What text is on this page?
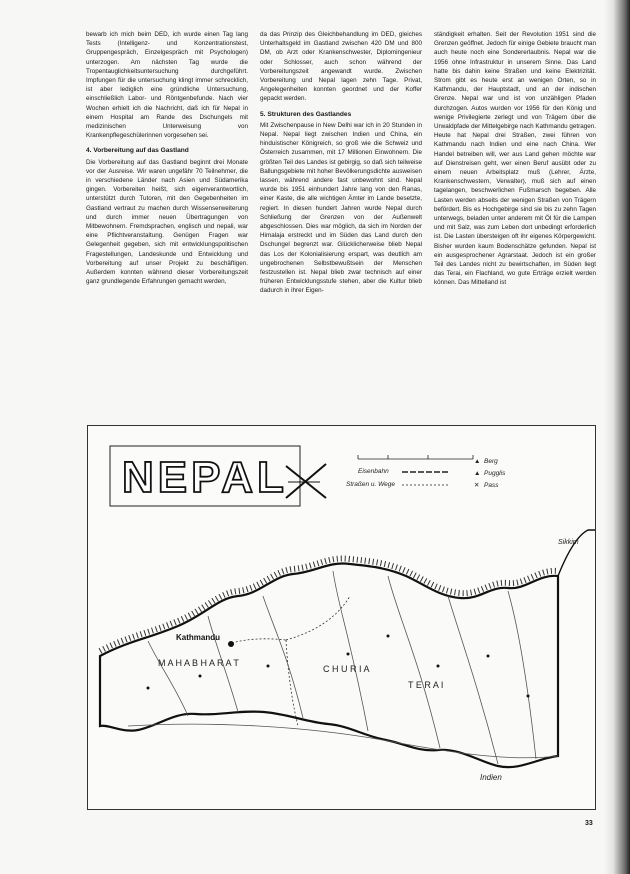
bewarb ich mich beim DED, ich wurde einen Tag lang Tests (Intelligenz- und Konzentrationstest, Gruppengespräch, Einzelgespräch mit Psychologen) unterzogen. Am nächsten Tag wurde die Tropentauglichkeitsuntersuchung durchgeführt. Impfungen für die untersuchung klingt immer schrecklich, ist aber lediglich eine gründliche Untersuchung, einschließlich Labor- und Röntgenbefunde. Nach vier Wochen erhielt ich die Nachricht, daß ich für Nepal in einem Hospital am Rande des Dschungels mit medizinischen Unterweisung von Krankenpflegeschülerinnen vorgesehen sei.

4. Vorbereitung auf das Gastland

Die Vorbereitung auf das Gastland beginnt drei Monate vor der Ausreise. Wir waren ungefähr 70 Teilnehmer, die in verschiedene Länder nach Asien und Südamerika gingen. Vorbereiten heißt, sich eigenverantwortlich, unterstützt durch Tutoren, mit den Gegebenheiten im Gastland vertraut zu machen durch Wissenserweiterung und durch immer neuen Übertragungen von Mitbewohnern. Fremdsprachen, englisch und nepali, war eine Pflichtveranstaltung. Genügen Fragen war Gelegenheit gegeben, sich mit entwicklungspolitischen Fragestellungen, Landeskunde und Entwicklung und Vorbereitung auf unser Projekt zu beschäftigen. Außerdem konnten während dieser Vorbereitungszeit ganz grundlegende Erfahrungen gemacht werden,

da das Prinzip des Gleichbehandlung im DED, gleiches Unterhaltsgeld im Gastland zwischen 420 DM und 800 DM, ob Arzt oder Krankenschwester, Diplomingenieur oder Schlosser, auch schon während der Vorbereitungszeit angewandt wurde. Zwischen Vorbereitung und Nepal lagen zehn Tage. Privat, Angelegenheiten konnten geordnet und der Koffer gepackt werden.

5. Strukturen des Gastlandes

Mit Zwischenpause in New Delhi war ich in 20 Stunden in Nepal. Nepal liegt zwischen Indien und China, ein hinduistischer Königreich, so groß wie die Schweiz und Österreich zusammen, mit 17 Millionen Einwohnern. Die größten Teil des Landes ist gebirgig, so daß sich teilweise Ballungsgebiete mit hoher Bevölkerungsdichte ausweisen lassen, während andere fast unbewohnt sind. Nepal wurde bis 1951 einhundert Jahre lang von den Ranas, einer Kaste, die alle wichtigen Ämter im Lande besetzte, regiert. In diesen hundert Jahren wurde Nepal durch Schließung der Grenzen von der Außenwelt abgeschlossen. Dies war möglich, da sich im Norden der Himalaja erstreckt und im Süden das Land durch den Dschungel begrenzt war. Glücklicherweise blieb Nepal das Los der Kolonialisierung erspart, was deutlich am ungebrochenen Selbstbewußtsein der Menschen festzustellen ist. Nepal blieb zwar technisch auf einer früheren Entwicklungsstufe stehen, aber die Kultur blieb dadurch in ihrer Eigen-

ständigkeit erhalten. Seit der Revolution 1951 sind die Grenzen geöffnet. Jedoch für einige Gebiete braucht man auch heute noch eine Sondererlaubnis. Nepal war die 1956 ohne Infrastruktur in unserem Sinne. Das Land hatte bis dahin keine Straßen und keine Elektrizität. Strom gibt es heute erst an wenigen Orten, so in Kathmandu, der Hauptstadt, und an der indischen Grenze. Nepal war und ist von unzähligen Pfaden durchzogen. Autos wurden vor 1956 für den König und wenige Privilegierte zerlegt und von Trägern über die Urwaldpfade der Mittelgebirge nach Kathmandu getragen. Heute hat Nepal drei Straßen, zwei führen von Kathmandu nach Indien und eine nach China. Wer Handel betreiben will, wer aus Land gehen möchte war auf Dienstreisen geht, wer einen Beruf ausübt oder zu einem neuen Arbeitsplatz muß (Lehrer, Ärzte, Krankenschwestern, Verwalter), muß sich auf einen tagelangen, beschwerlichen Fußmarsch begeben. Alle Lasten werden abseits der wenigen Straßen von Trägern befördert. Bis es Hochgebirge sind sie bis zu zehn Tagen unterwegs, beladen unter anderem mit Öl für die Lampen und mit Salz, was zum Leben dort unbedingt erforderlich ist. Die Lasten übersteigen oft ihr eigenes Körpergewicht. Bisher wurden kaum Bodenschätze gefunden. Nepal ist ein ausgesprochener Agrarstaat. Jedoch ist ein großer Teil des Landes nicht zu bewirtschaften, im Süden liegt das Terai, ein Flachland, wo gute Erträge erzielt werden können. Das Mittelland ist

NEPAL	Berg
Eisenbahn	Pugglis
Straßen u. Wege	Pass
▲
▲
✕
Kathmandu
M A H A B H A R A T
C H U R I A
T E R A I
Sikkim
Indien
33
